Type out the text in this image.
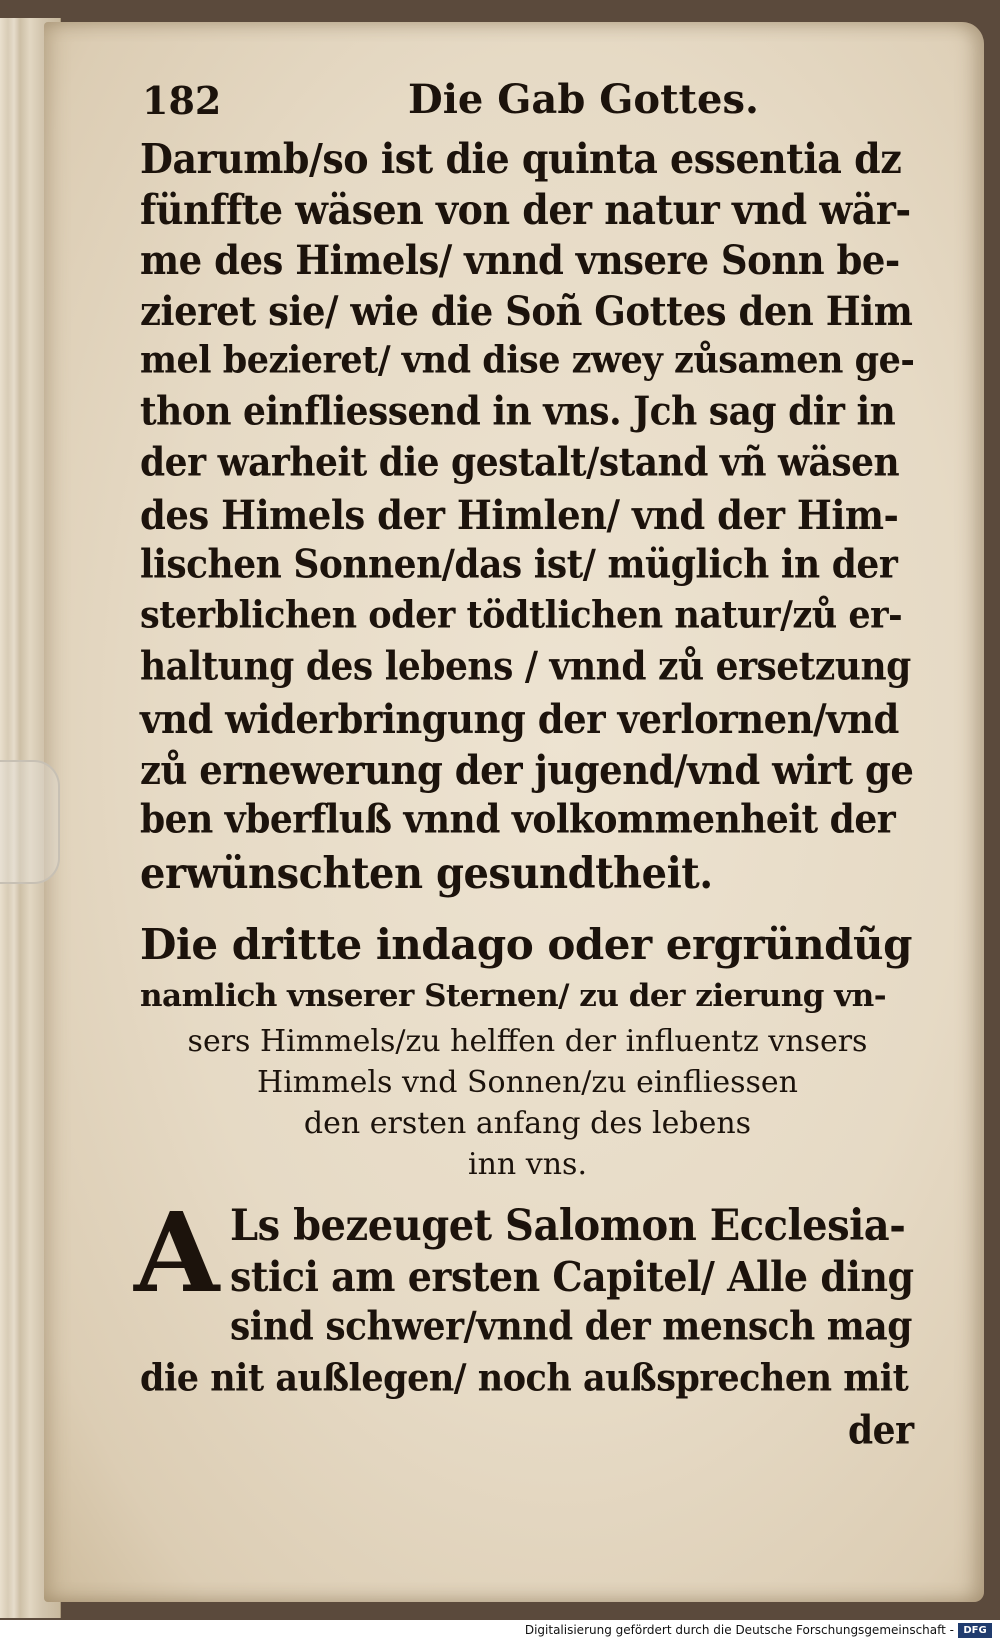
182	Die Gab Gottes.
Darumb/so ist die quinta essentia dz
fünffte wäsen von der natur vnd wär-
me des Himels/ vnnd vnsere Sonn be-
zieret sie/ wie die Soñ Gottes den Him
mel bezieret/ vnd dise zwey zůsamen ge-
thon einfliessend in vns. Jch sag dir in
der warheit die gestalt/stand vñ wäsen
des Himels der Himlen/ vnd der Him-
lischen Sonnen/das ist/ müglich in der
sterblichen oder tödtlichen natur/zů er-
haltung des lebens / vnnd zů ersetzung
vnd widerbringung der verlornen/vnd
zů ernewerung der jugend/vnd wirt ge
ben vberfluß vnnd volkommenheit der
erwünschten gesundtheit.
Die dritte indago oder ergründũg
namlich vnserer Sternen/ zu der zierung vn-
sers Himmels/zu helffen der influentz vnsers
Himmels vnd Sonnen/zu einfliessen
den ersten anfang des lebens
inn vns.
A Ls bezeuget Salomon Ecclesia-
stici am ersten Capitel/ Alle ding
sind schwer/vnnd der mensch mag
die nit außlegen/ noch außsprechen mit
der
Digitalisierung gefördert durch die Deutsche Forschungsgemeinschaft - DFG
